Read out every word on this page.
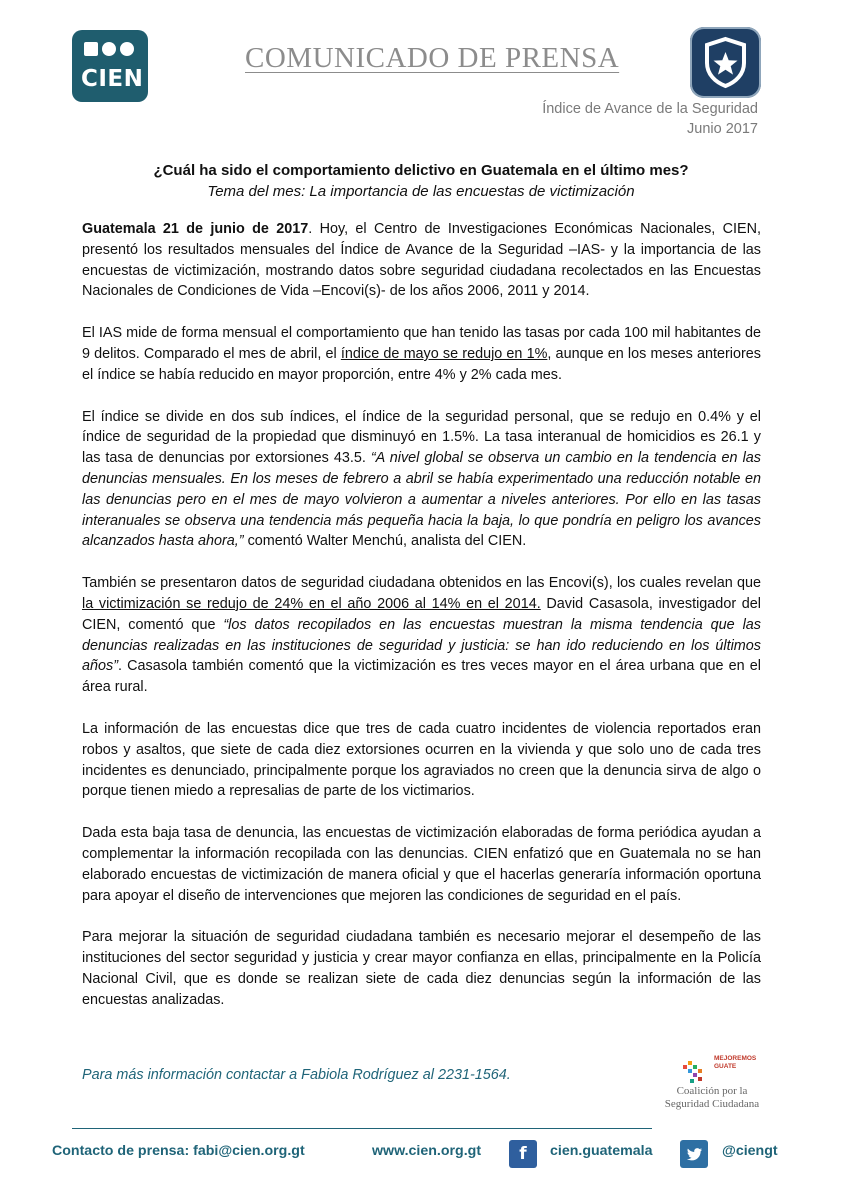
CIEN
COMUNICADO DE PRENSA
Índice de Avance de la Seguridad
Junio 2017
¿Cuál ha sido el comportamiento delictivo en Guatemala en el último mes?
Tema del mes: La importancia de las encuestas de victimización

Guatemala 21 de junio de 2017. Hoy, el Centro de Investigaciones Económicas Nacionales, CIEN, presentó los resultados mensuales del Índice de Avance de la Seguridad –IAS- y la importancia de las encuestas de victimización, mostrando datos sobre seguridad ciudadana recolectados en las Encuestas Nacionales de Condiciones de Vida –Encovi(s)- de los años 2006, 2011 y 2014.

El IAS mide de forma mensual el comportamiento que han tenido las tasas por cada 100 mil habitantes de 9 delitos. Comparado el mes de abril, el índice de mayo se redujo en 1%, aunque en los meses anteriores el índice se había reducido en mayor proporción, entre 4% y 2% cada mes.

El índice se divide en dos sub índices, el índice de la seguridad personal, que se redujo en 0.4% y el índice de seguridad de la propiedad que disminuyó en 1.5%. La tasa interanual de homicidios es 26.1 y las tasa de denuncias por extorsiones 43.5. “A nivel global se observa un cambio en la tendencia en las denuncias mensuales. En los meses de febrero a abril se había experimentado una reducción notable en las denuncias pero en el mes de mayo volvieron a aumentar a niveles anteriores. Por ello en las tasas interanuales se observa una tendencia más pequeña hacia la baja, lo que pondría en peligro los avances alcanzados hasta ahora,” comentó Walter Menchú, analista del CIEN.

También se presentaron datos de seguridad ciudadana obtenidos en las Encovi(s), los cuales revelan que la victimización se redujo de 24% en el año 2006 al 14% en el 2014. David Casasola, investigador del CIEN, comentó que “los datos recopilados en las encuestas muestran la misma tendencia que las denuncias realizadas en las instituciones de seguridad y justicia: se han ido reduciendo en los últimos años”. Casasola también comentó que la victimización es tres veces mayor en el área urbana que en el área rural.

La información de las encuestas dice que tres de cada cuatro incidentes de violencia reportados eran robos y asaltos, que siete de cada diez extorsiones ocurren en la vivienda y que solo uno de cada tres incidentes es denunciado, principalmente porque los agraviados no creen que la denuncia sirva de algo o porque tienen miedo a represalias de parte de los victimarios.

Dada esta baja tasa de denuncia, las encuestas de victimización elaboradas de forma periódica ayudan a complementar la información recopilada con las denuncias. CIEN enfatizó que en Guatemala no se han elaborado encuestas de victimización de manera oficial y que el hacerlas generaría información oportuna para apoyar el diseño de intervenciones que mejoren las condiciones de seguridad en el país.

Para mejorar la situación de seguridad ciudadana también es necesario mejorar el desempeño de las instituciones del sector seguridad y justicia y crear mayor confianza en ellas, principalmente en la Policía Nacional Civil, que es donde se realizan siete de cada diez denuncias según la información de las encuestas analizadas.

Para más información contactar a Fabiola Rodríguez al 2231-1564.
MEJOREMOS
GUATE
Coalición por la
Seguridad Ciudadana
Contacto de prensa: fabi@cien.org.gt	www.cien.org.gt	f	cien.guatemala	@ciengt
